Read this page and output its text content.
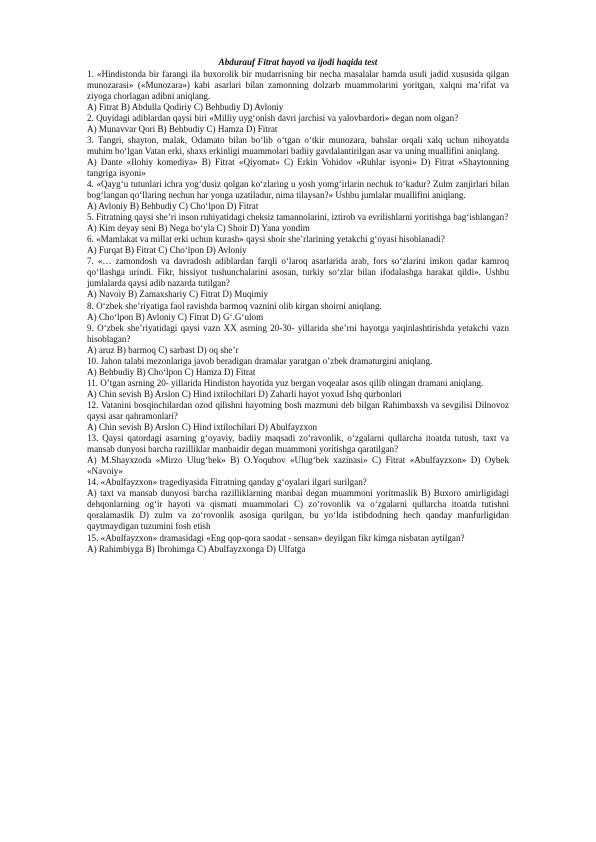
Abdurauf Fitrat hayoti va ijodi haqida test

1. «Hindistonda bir farangi ila buxorolik bir mudarrisning bir necha masalalar hamda usuli jadid xususida qilgan munozarasi» («Munozara») kabi asarlari bilan zamonning dolzarb muammolarini yoritgan, xalqni ma’rifat va ziyoga chorlagan adibni aniqlang.

A) Fitrat B) Abdulla Qodiriy C) Behbudiy D) Avloniy

2. Quyidagi adiblardan qaysi biri «Milliy uyg‘onish davri jarchisi va yalovbardori» degan nom olgan?

A) Munavvar Qori B) Behbudiy C) Hamza D) Fitrat

3. Tangri, shayton, malak, Odamato bilan bo‘lib o‘tgan o‘tkir munozara, bahslar orqali xalq uchun nihoyatda muhim bo‘lgan Vatan erki, shaxs erkinligi muammolari badiiy gavdalantirilgan asar va uning muallifini aniqlang.

A) Dante «Ilohiy komediya» B) Fitrat «Qiyomat» C) Erkin Vohidov «Ruhlar isyoni» D) Fitrat «Shaytonning tangriga isyoni»

4. «Qayg‘u tutunlari ichra yog‘dusiz qolgan ko‘zlaring u yosh yomg‘irlarin nechuk to‘kadur? Zulm zanjirlari bilan bog‘langan qo‘llaring nechun har yonga uzatiladur, nima tilaysan?» Ushbu jumlalar muallifini aniqlang.

A) Avloniy B) Behbudiy C) Cho‘lpon D) Fitrat

5. Fitratning qaysi she’ri inson ruhiyatidagi cheksiz tamannolarini, iztirob va evrilishlarni yoritishga bag‘ishlangan?

A) Kim deyay seni B) Nega bo‘yla C) Shoir D) Yana yondim

6. «Mamlakat va millat erki uchun kurash» qaysi shoir she’rlarining yetakchi g‘oyasi hisoblanadi?

A) Furqat B) Fitrat C) Cho‘lpon D) Avloniy

7. «… zamondosh va davradosh adiblardan farqli o‘laroq asarlarida arab, fors so‘zlarini imkon qadar kamroq qo‘llashga urindi. Fikr, hissiyot tushunchalarini asosan, turkiy so‘zlar bilan ifodalashga harakat qildi». Ushbu jumlalarda qaysi adib nazarda tutilgan?

A) Navoiy B) Zamaxshariy C) Fitrat D) Muqimiy

8. O‘zbek she’riyatiga faol ravishda barmoq vaznini olib kirgan shoirni aniqlang.

A) Cho‘lpon B) Avloniy C) Fitrat D) G‘.G‘ulom

9. O‘zbek she’riyatidagi qaysi vazn XX asrning 20-30- yillarida she’rni hayotga yaqinlashtirishda yetakchi vazn hisoblagan?

A) aruz B) barmoq C) sarbast D) oq she’r

10. Jahon talabi mezonlariga javob beradigan dramalar yaratgan o’zbek dramaturgini aniqlang.

A) Behbudiy B) Cho‘lpon C) Hamza D) Fitrat

11. O’tgan asrning 20- yillarida Hindiston hayotida yuz bergan voqealar asos qilib olingan dramani aniqlang.

A) Chin sevish B) Arslon C) Hind ixtilochilari D) Zaharli hayot yoxud Ishq qurbonlari

12. Vatanini bosqinchilardan ozod qilishni hayotning bosh mazmuni deb bilgan Rahimbaxsh va sevgilisi Dilnovoz qaysi asar qahramonlari?

A) Chin sevish B) Arslon C) Hind ixtilochilari D) Abulfayzxon

13. Qaysi qatordagi asarning g‘oyaviy, badiiy maqsadi zo‘ravonlik, o‘zgalarni qullarcha itoatda tutush, taxt va mansab dunyosi barcha razilliklar manbaidir degan muammoni yoritishga qaratilgan?

A) M.Shayxzoda «Mirzo Ulug‘bek» B) O.Yoqubov «Ulug‘bek xazinasi» C) Fitrat «Abulfayzxon» D) Oybek «Navoiy»

14. «Abulfayzxon» tragediyasida Fitratning qanday g‘oyalari ilgari surilgan?

A) taxt va mansab dunyosi barcha razilliklarning manbai degan muammoni yoritmaslik B) Buxoro amirligidagi dehqonlarning og‘ir hayoti va qismati muammolari C) zo‘rovonlik va o‘zgalarni qullarcha itoatda tutishni qoralamaslik D) zulm va zo‘rovonlik asosiga qurilgan, bu yo‘lda istibdodning hech qanday manfurligidan qaytmaydigan tuzumini fosh etish

15. «Abulfayzxon» dramasidagi «Eng qop-qora saodat - sensan» deyilgan fikr kimga nisbatan aytilgan?

A) Rahimbiyga B) Ibrohimga C) Abulfayzxonga D) Ulfatga
